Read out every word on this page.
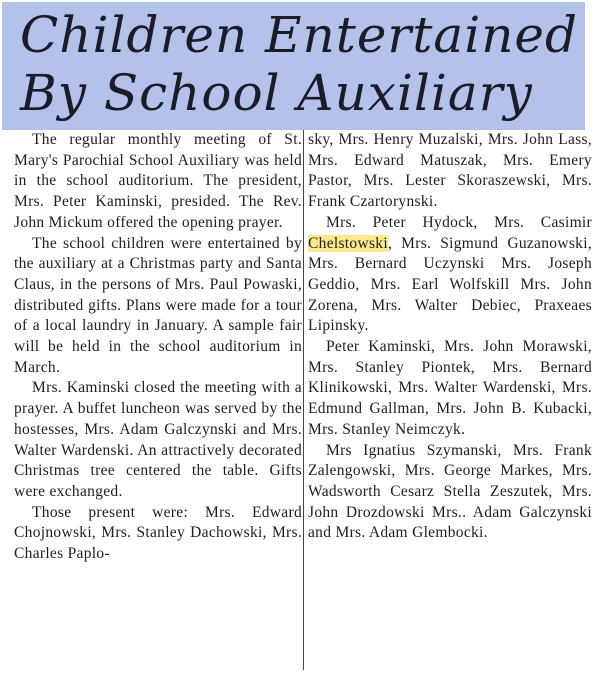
Children Entertained
By School Auxiliary

The regular monthly meeting of St. Mary's Parochial School Auxiliary was held in the school auditorium. The president, Mrs. Peter Kaminski, presided. The Rev. John Mickum offered the opening prayer.

The school children were entertained by the auxiliary at a Christmas party and Santa Claus, in the persons of Mrs. Paul Powaski, distributed gifts. Plans were made for a tour of a local laundry in January. A sample fair will be held in the school auditorium in March.

Mrs. Kaminski closed the meeting with a prayer. A buffet luncheon was served by the hostesses, Mrs. Adam Galczynski and Mrs. Walter Wardenski. An attractively decorated Christmas tree centered the table. Gifts were exchanged.

Those present were: Mrs. Edward Chojnowski, Mrs. Stanley Dachowski, Mrs. Charles Paplo-

sky, Mrs. Henry Muzalski, Mrs. John Lass, Mrs. Edward Matuszak, Mrs. Emery Pastor, Mrs. Lester Skoraszewski, Mrs. Frank Czartorynski.

Mrs. Peter Hydock, Mrs. Casimir Chelstowski, Mrs. Sigmund Guzanowski, Mrs. Bernard Uczynski Mrs. Joseph Geddio, Mrs. Earl Wolfskill Mrs. John Zorena, Mrs. Walter Debiec, Praxeaes Lipinsky.

Peter Kaminski, Mrs. John Morawski, Mrs. Stanley Piontek, Mrs. Bernard Klinikowski, Mrs. Walter Wardenski, Mrs. Edmund Gallman, Mrs. John B. Kubacki, Mrs. Stanley Neimczyk.

Mrs Ignatius Szymanski, Mrs. Frank Zalengowski, Mrs. George Markes, Mrs. Wadsworth Cesarz Stella Zeszutek, Mrs. John Drozdowski Mrs.. Adam Galczynski and Mrs. Adam Glembocki.
